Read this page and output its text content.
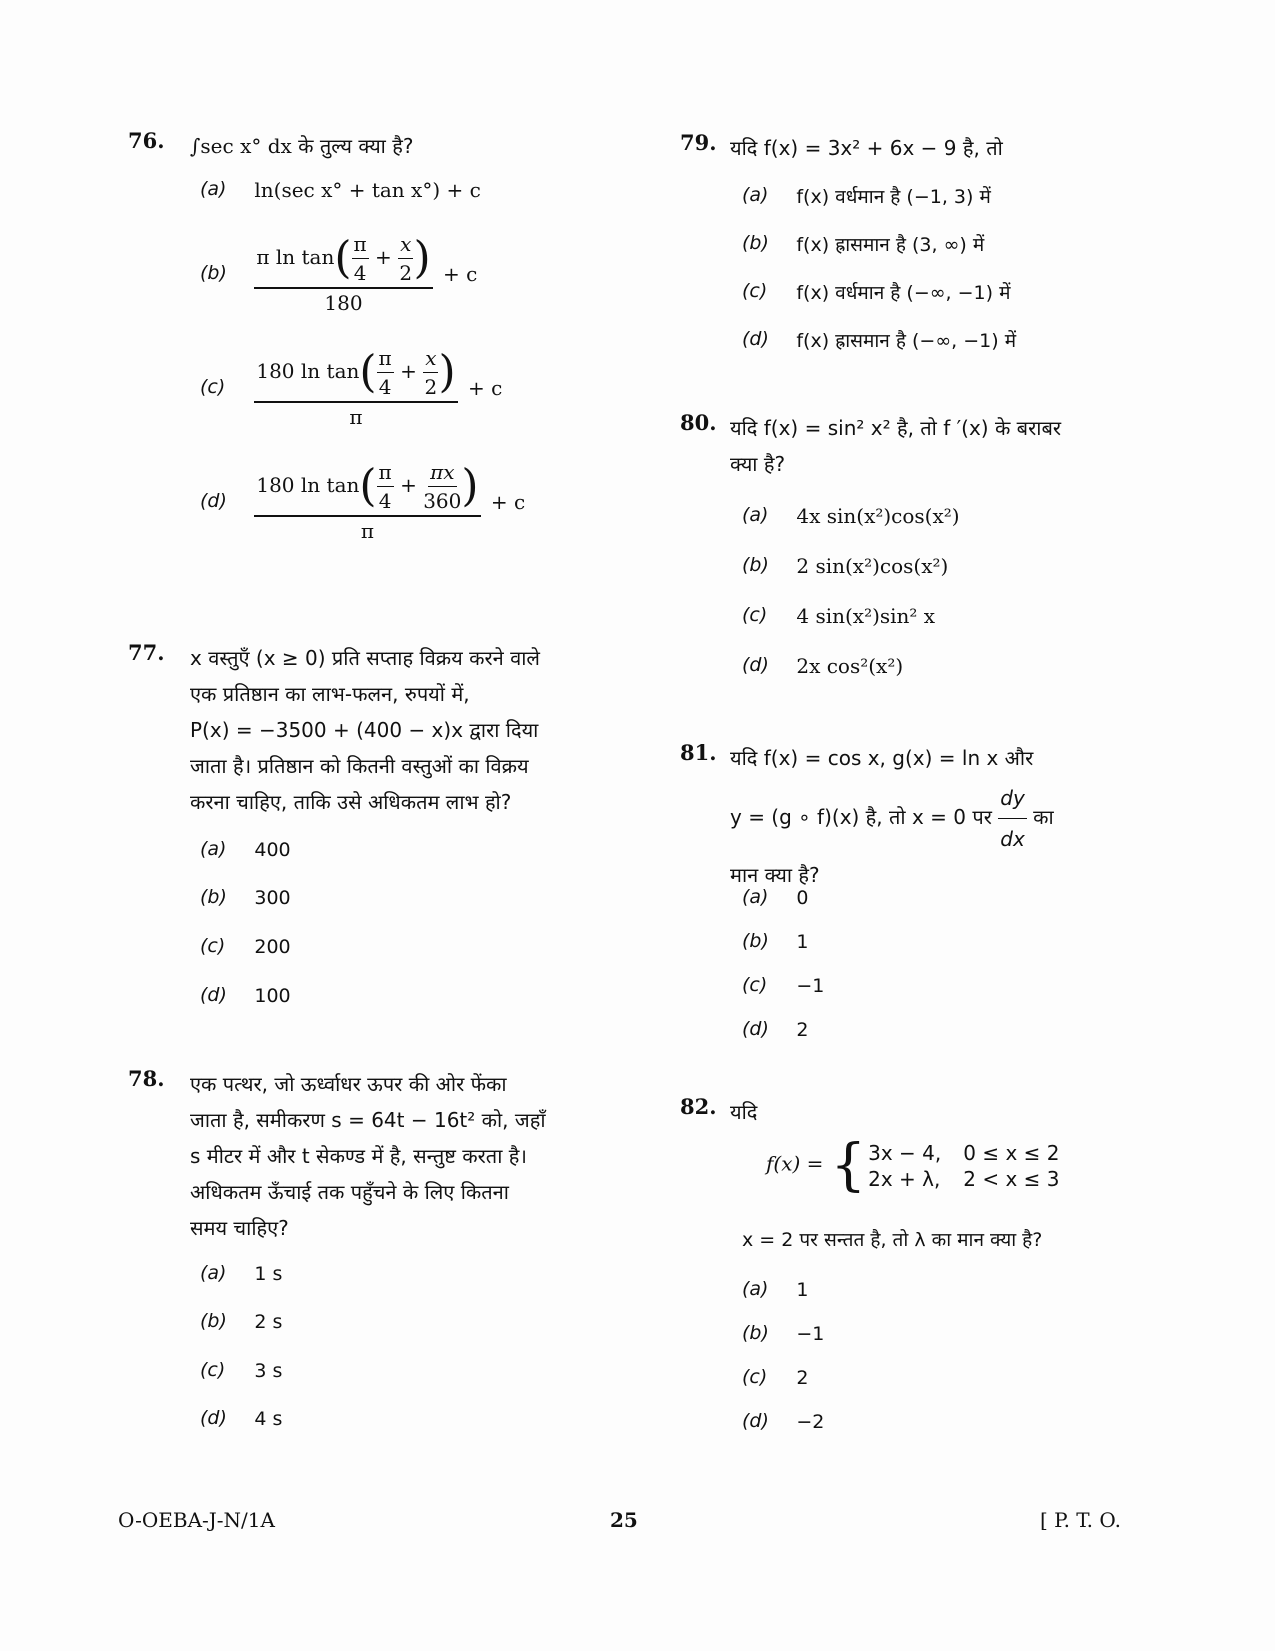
76. ∫sec x° dx के तुल्य क्या है?
(a) ln(sec x° + tan x°) + c
$(b) \frac{\pi \ln \tan( \frac{\pi}{4} + \frac{x}{2} )}{180} + c$
$(c) \frac{180 \ln \tan( \frac{\pi}{4} + \frac{x}{2} )}{\pi} + c$
$(d) \frac{180 \ln \tan( \frac{\pi}{4} + \frac{\pi x}{360} )}{\pi} + c$
77.	x वस्तुएँ (x ≥ 0) प्रति सप्ताह विक्रय करने वाले
एक प्रतिष्ठान का लाभ-फलन, रुपयों में,
P(x) = −3500 + (400 − x)x द्वारा दिया
जाता है। प्रतिष्ठान को कितनी वस्तुओं का विक्रय
करना चाहिए, ताकि उसे अधिकतम लाभ हो?
(a) 400
(b) 300
(c) 200
(d) 100
78. एक पत्थर, जो ऊर्ध्वाधर ऊपर की ओर फेंका
जाता है, समीकरण s = 64t − 16t² को, जहाँ
s मीटर में और t सेकण्ड में है, सन्तुष्ट करता है।
अधिकतम ऊँचाई तक पहुँचने के लिए कितना
समय चाहिए?
(a) 1 s
(b) 2 s
(c) 3 s
(d) 4 s
79. यदि f(x) = 3x² + 6x − 9 है, तो
(a) f(x) वर्धमान है (−1, 3) में
(b) f(x) ह्रासमान है (3, ∞) में
(c) f(x) वर्धमान है (−∞, −1) में
(d) f(x) ह्रासमान है (−∞, −1) में
80. यदि f(x) = sin² x² है, तो f ′(x) के बराबर
क्या है?
(a) 4x sin(x²)cos(x²)
(b) 2 sin(x²)cos(x²)
(c) 4 sin(x²)sin² x
(d) 2x cos²(x²)
81. यदि f(x) = cos x, g(x) = ln x और
y = (g ∘ f)(x) है, तो x = 0 पर $\frac{dy}{dx}$ का
मान क्या है?
(a) 0
(b) 1
(c) −1
(d) 2
82. यदि
f(x) = { 3x − 4, 0 ≤ x ≤ 2
2x + λ, 2 < x ≤ 3
x = 2 पर सन्तत है, तो λ का मान क्या है?
(a) 1
(b) −1
(c) 2
(d) −2
O-OEBA-J-N/1A	25	[ P. T. O.
